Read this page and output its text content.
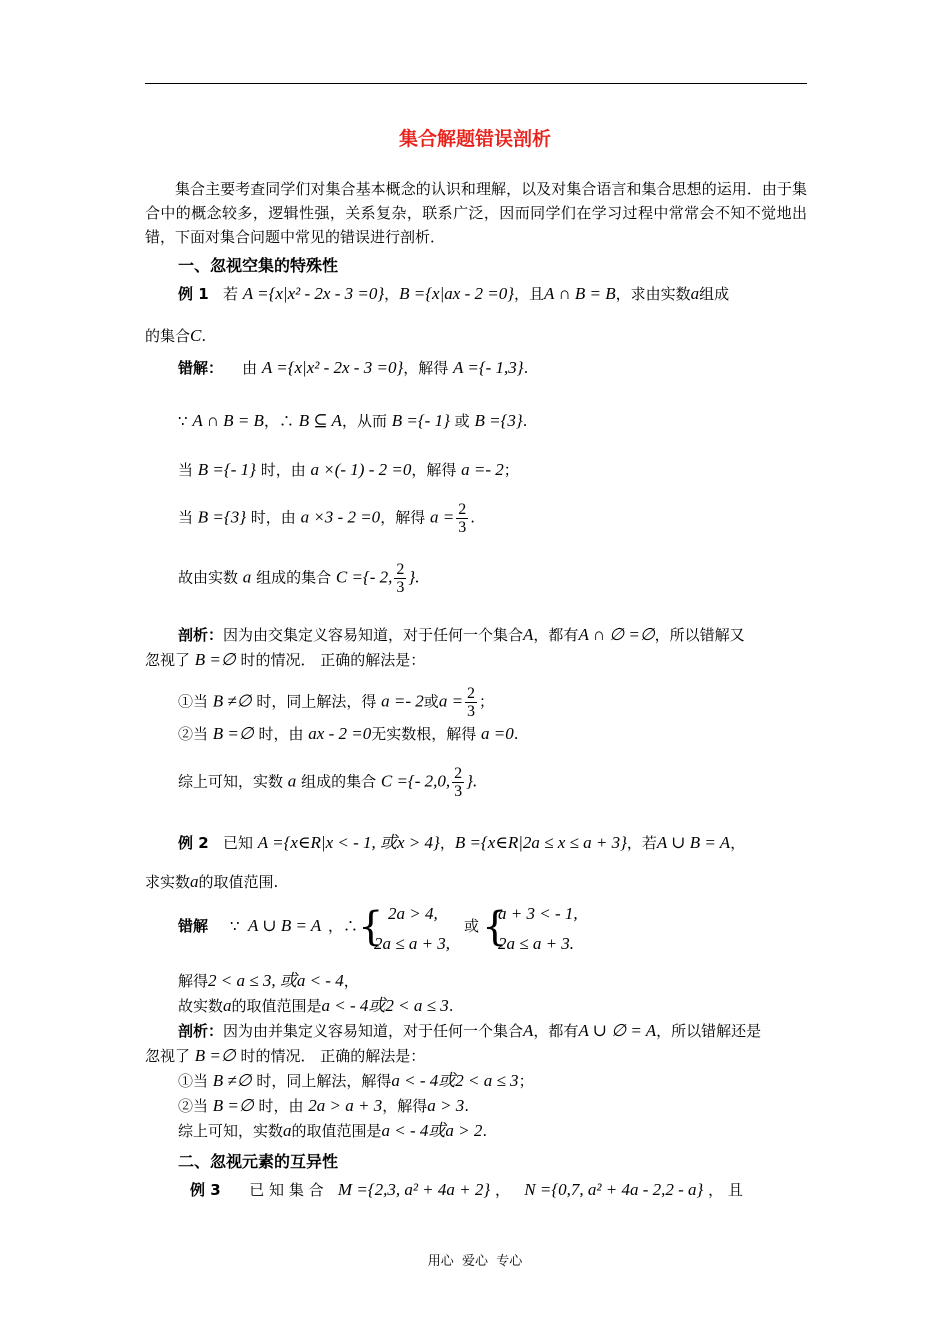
集合解题错误剖析
集合主要考查同学们对集合基本概念的认识和理解，以及对集合语言和集合思想的运用．由于集合中的概念较多，逻辑性强，关系复杂，联系广泛，因而同学们在学习过程中常常会不知不觉地出错，下面对集合问题中常见的错误进行剖析．
一、忽视空集的特殊性
例 1 若 A ={x|x² - 2x - 3 =0}，B ={x|ax - 2 =0}，且A ∩ B = B，求由实数a组成
的集合C.
错解： 由 A ={x|x² - 2x - 3 =0}，解得 A ={- 1,3}.
∵ A ∩ B = B，∴ B ⊆ A，从而 B ={- 1} 或 B ={3}.
当 B ={- 1} 时，由 a ×(- 1) - 2 =0，解得 a =- 2；
当 B ={3} 时，由 a ×3 - 2 =0，解得 $a = \frac{2}{3}$ .
故由实数 a 组成的集合 C ={- 2, $\frac{2}{3}$ }.
剖析：因为由交集定义容易知道，对于任何一个集合A，都有A ∩ ∅ =∅，所以错解又
忽视了 B =∅ 时的情况． 正确的解法是：
①当 B ≠∅ 时，同上解法，得 a =- 2或$a = \frac{2}{3}$ ；
②当 B =∅ 时，由 ax - 2 =0无实数根，解得 a =0.
综上可知，实数 a 组成的集合 C ={- 2,0, $\frac{2}{3}$ }.
例 2 已知 A ={x∈R|x < - 1, 或x > 4}，B ={x∈R|2a ≤ x ≤ a + 3}，若A ∪ B = A，
求实数a的取值范围.
错解 ∵ A ∪ B = A ，∴ { 2a > 4,
2a ≤ a + 3,
或 {
a + 3 < - 1,
2a ≤ a + 3.
解得2 < a ≤ 3, 或a < - 4，
故实数a的取值范围是a < - 4或2 < a ≤ 3.
剖析：因为由并集定义容易知道，对于任何一个集合A，都有A ∪ ∅ = A，所以错解还是
忽视了 B =∅ 时的情况． 正确的解法是：
①当 B ≠∅ 时，同上解法，解得a < - 4或2 < a ≤ 3；
②当 B =∅ 时，由 2a > a + 3，解得a > 3.
综上可知，实数a的取值范围是a < - 4或a > 2.
二、忽视元素的互异性
例 3 已 知 集 合 M ={2,3, a² + 4a + 2} ， N ={0,7, a² + 4a - 2,2 - a} ， 且
用心  爱心  专心
